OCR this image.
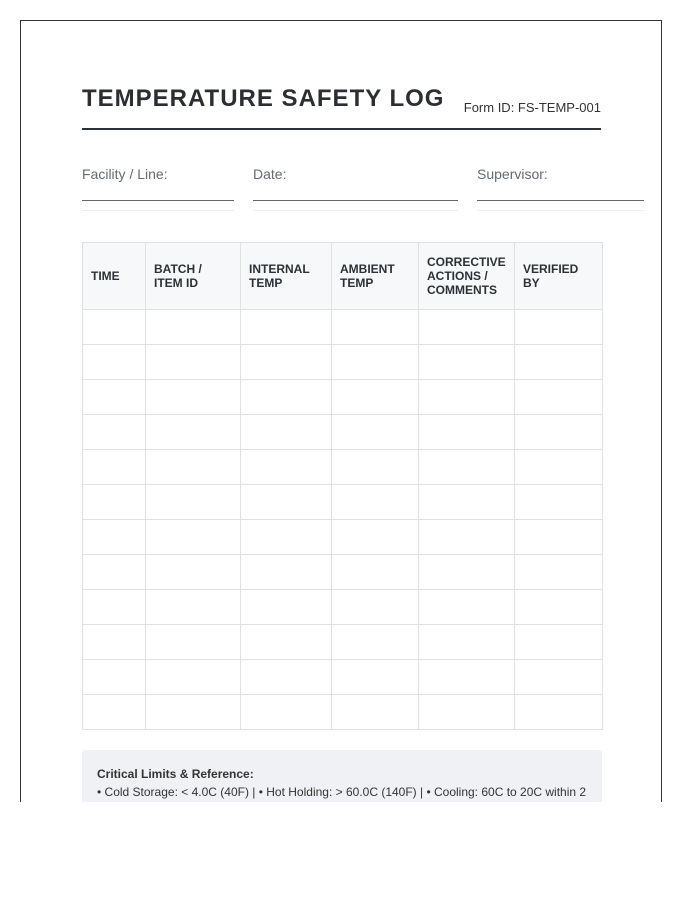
TEMPERATURE SAFETY LOG Form ID: FS-TEMP-001
Facility / Line:	Date:	Supervisor:
TIME	BATCH / ITEM ID	INTERNAL TEMP	AMBIENT TEMP	CORRECTIVE ACTIONS / COMMENTS	VERIFIED BY

Critical Limits & Reference:
• Cold Storage: < 4.0C (40F) | • Hot Holding: > 60.0C (140F) | • Cooling: 60C to 20C within 2
